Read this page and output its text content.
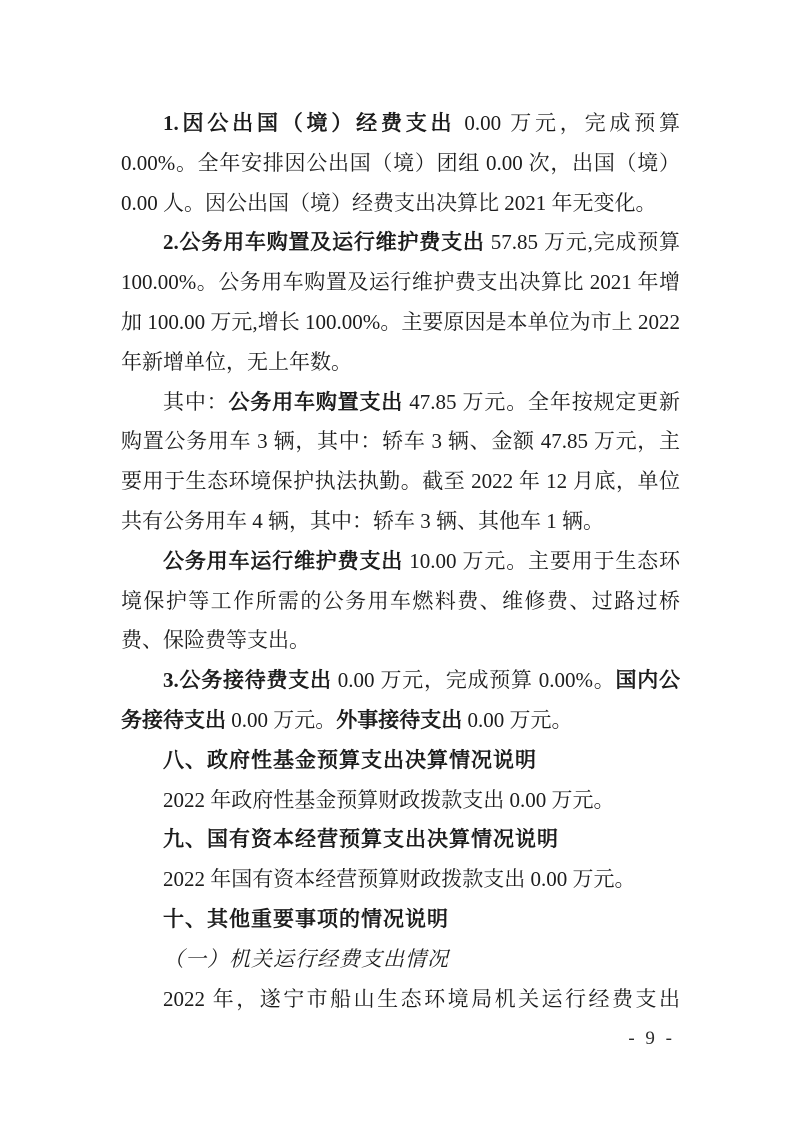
1.因公出国（境）经费支出 0.00 万元，完成预算 0.00%。全年安排因公出国（境）团组 0.00 次，出国（境）0.00 人。因公出国（境）经费支出决算比 2021 年无变化。

2.公务用车购置及运行维护费支出 57.85 万元,完成预算 100.00%。公务用车购置及运行维护费支出决算比 2021 年增加 100.00 万元,增长 100.00%。主要原因是本单位为市上 2022 年新增单位，无上年数。

其中：公务用车购置支出 47.85 万元。全年按规定更新购置公务用车 3 辆，其中：轿车 3 辆、金额 47.85 万元，主要用于生态环境保护执法执勤。截至 2022 年 12 月底，单位共有公务用车 4 辆，其中：轿车 3 辆、其他车 1 辆。

公务用车运行维护费支出 10.00 万元。主要用于生态环境保护等工作所需的公务用车燃料费、维修费、过路过桥费、保险费等支出。

3.公务接待费支出 0.00 万元，完成预算 0.00%。国内公务接待支出 0.00 万元。外事接待支出 0.00 万元。

八、政府性基金预算支出决算情况说明

2022 年政府性基金预算财政拨款支出 0.00 万元。

九、国有资本经营预算支出决算情况说明

2022 年国有资本经营预算财政拨款支出 0.00 万元。

十、其他重要事项的情况说明

（一）机关运行经费支出情况

2022 年，遂宁市船山生态环境局机关运行经费支出

- 9 -
